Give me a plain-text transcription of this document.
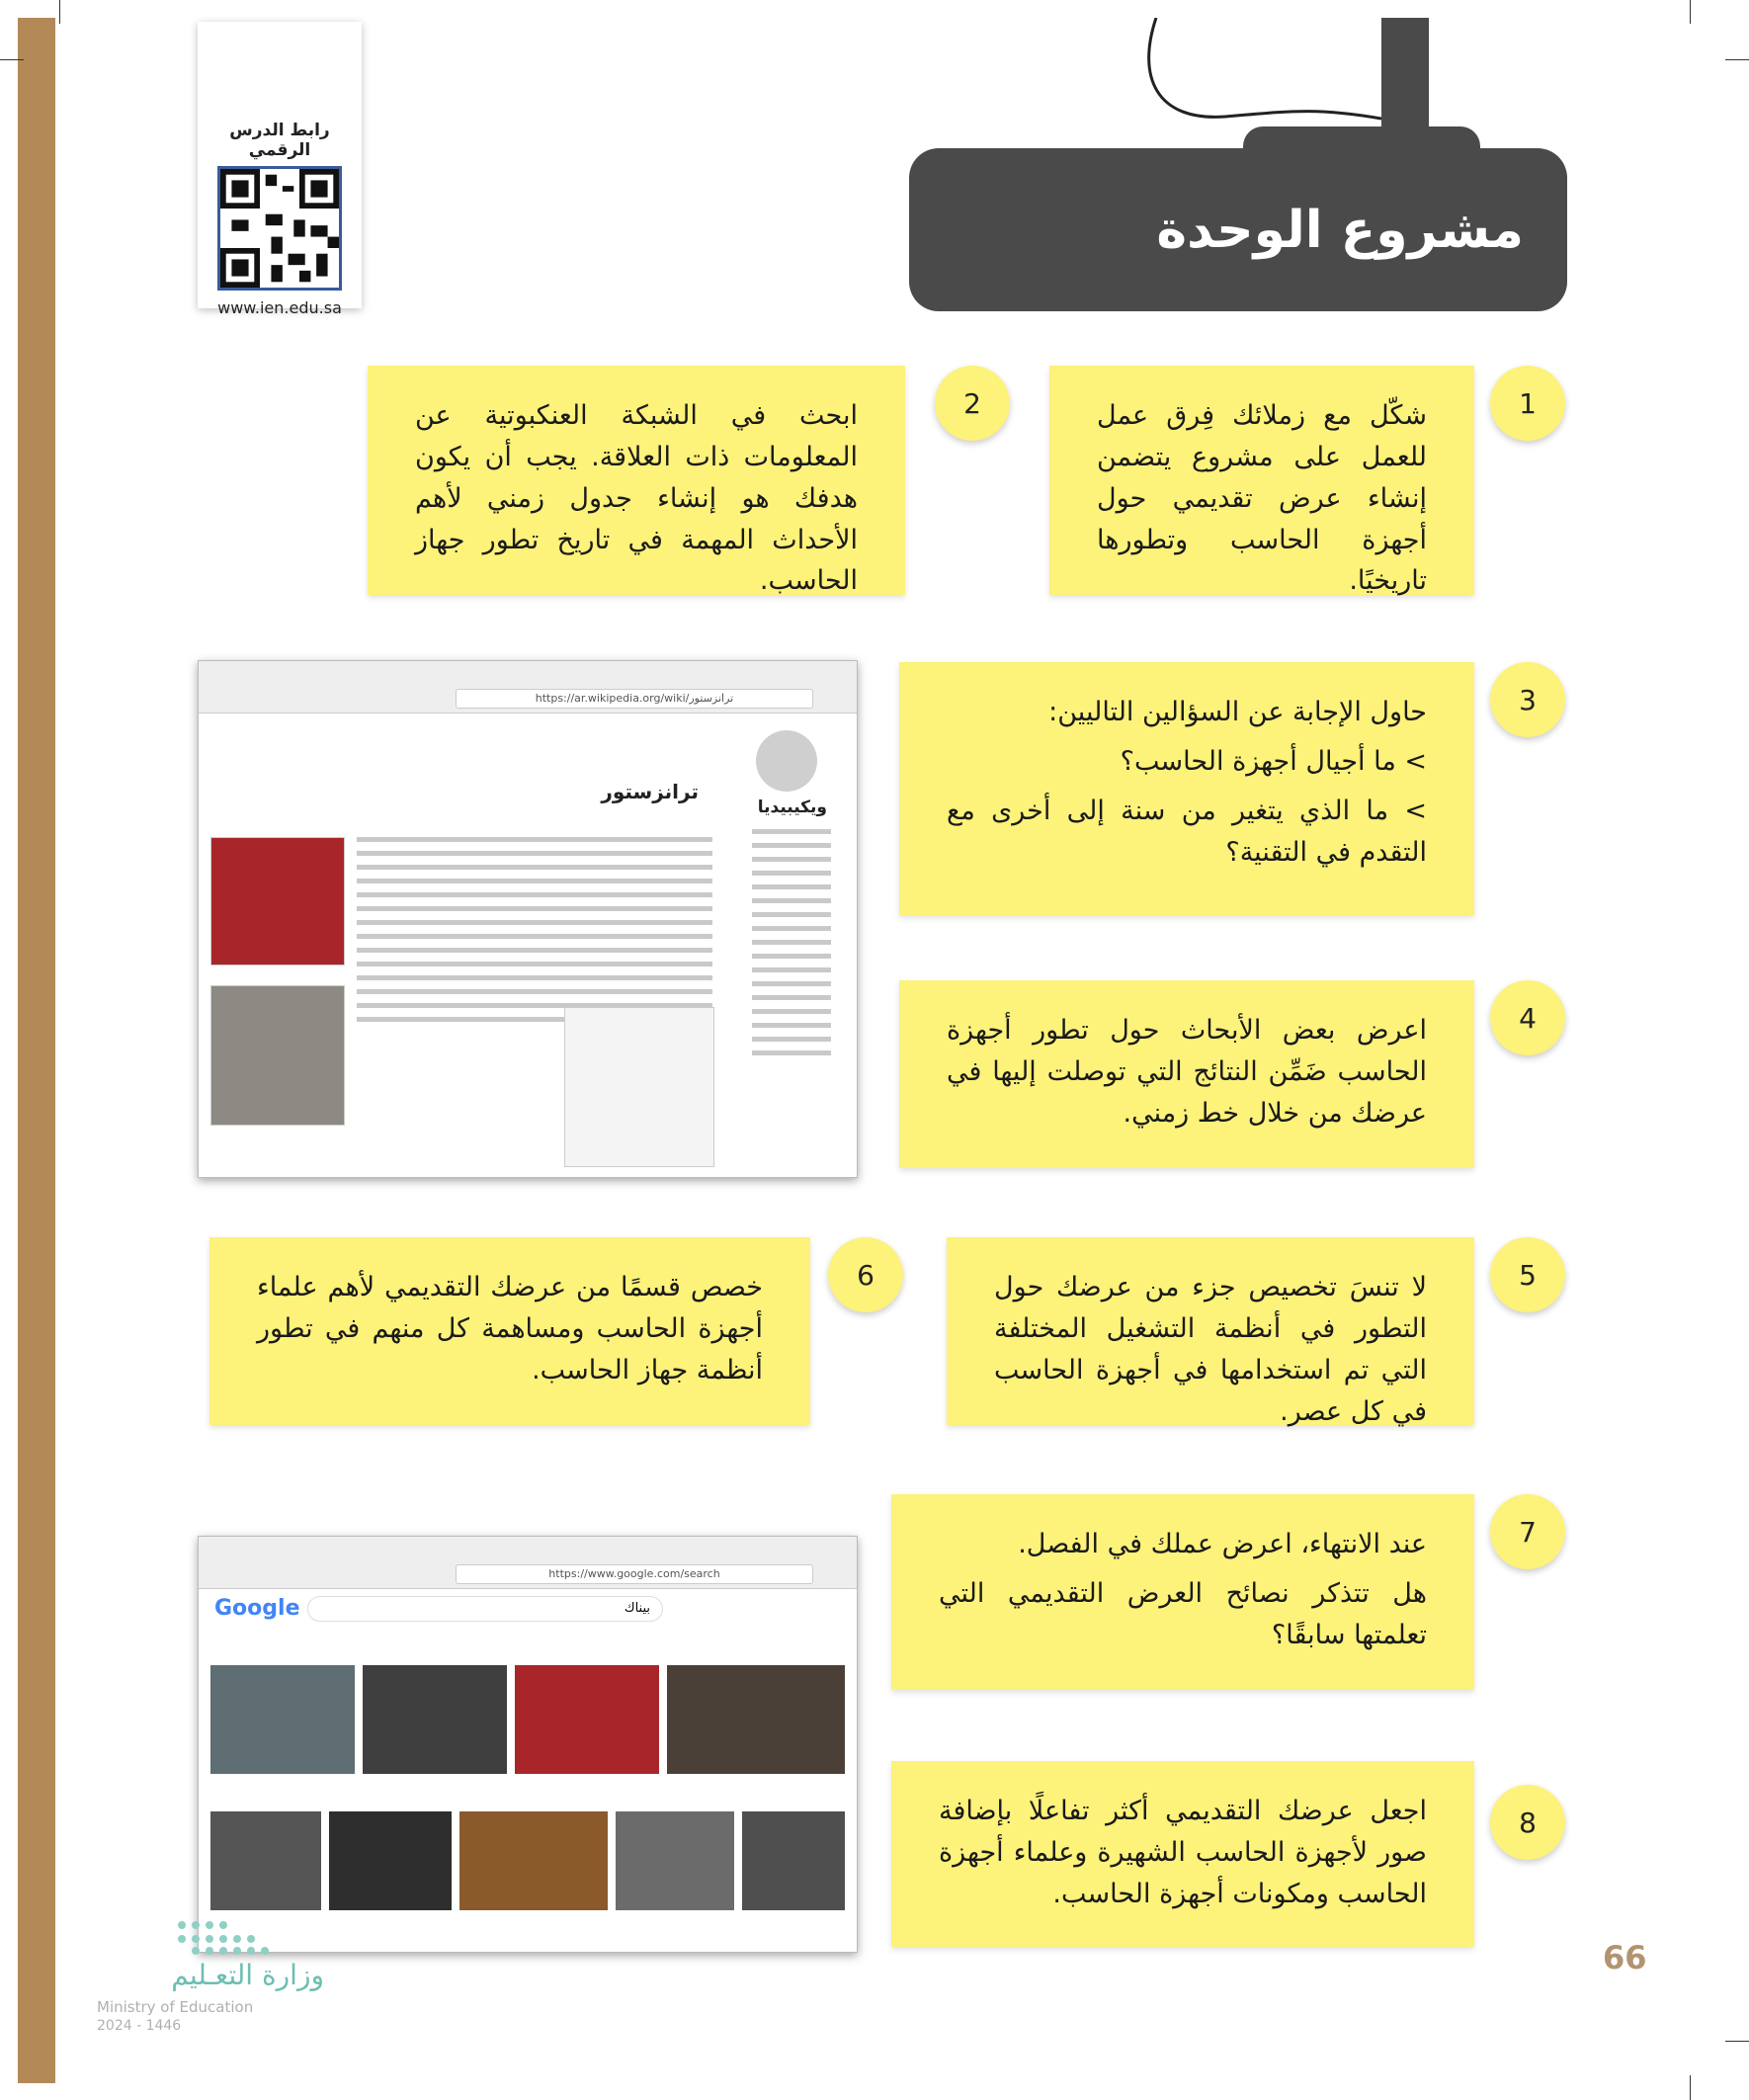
رابط الدرس الرقمي
www.ien.edu.sa
مشروع الوحدة

شكّل مع زملائك فِرق عمل للعمل على مشروع يتضمن إنشاء عرض تقديمي حول أجهزة الحاسب وتطورها تاريخيًا.

1

ابحث في الشبكة العنكبوتية عن المعلومات ذات العلاقة. يجب أن يكون هدفك هو إنشاء جدول زمني لأهم الأحداث المهمة في تاريخ تطور جهاز الحاسب.

2

حاول الإجابة عن السؤالين التاليين:

> ما أجيال أجهزة الحاسب؟

> ما الذي يتغير من سنة إلى أخرى مع التقدم في التقنية؟

3
https://ar.wikipedia.org/wiki/ترانزستور
ويكيبيديا
ترانزستور

اعرض بعض الأبحاث حول تطور أجهزة الحاسب ضَمِّن النتائج التي توصلت إليها في عرضك من خلال خط زمني.

4

لا تنسَ تخصيص جزء من عرضك حول التطور في أنظمة التشغيل المختلفة التي تم استخدامها في أجهزة الحاسب في كل عصر.

5

خصص قسمًا من عرضك التقديمي لأهم علماء أجهزة الحاسب ومساهمة كل منهم في تطور أنظمة جهاز الحاسب.

6

عند الانتهاء، اعرض عملك في الفصل.

هل تتذكر نصائح العرض التقديمي التي تعلمتها سابقًا؟

7
https://www.google.com/search
Google	بيناك

اجعل عرضك التقديمي أكثر تفاعلًا بإضافة صور لأجهزة الحاسب الشهيرة وعلماء أجهزة الحاسب ومكونات أجهزة الحاسب.

8
وزارة التعـليم
Ministry of Education
2024 - 1446
66
